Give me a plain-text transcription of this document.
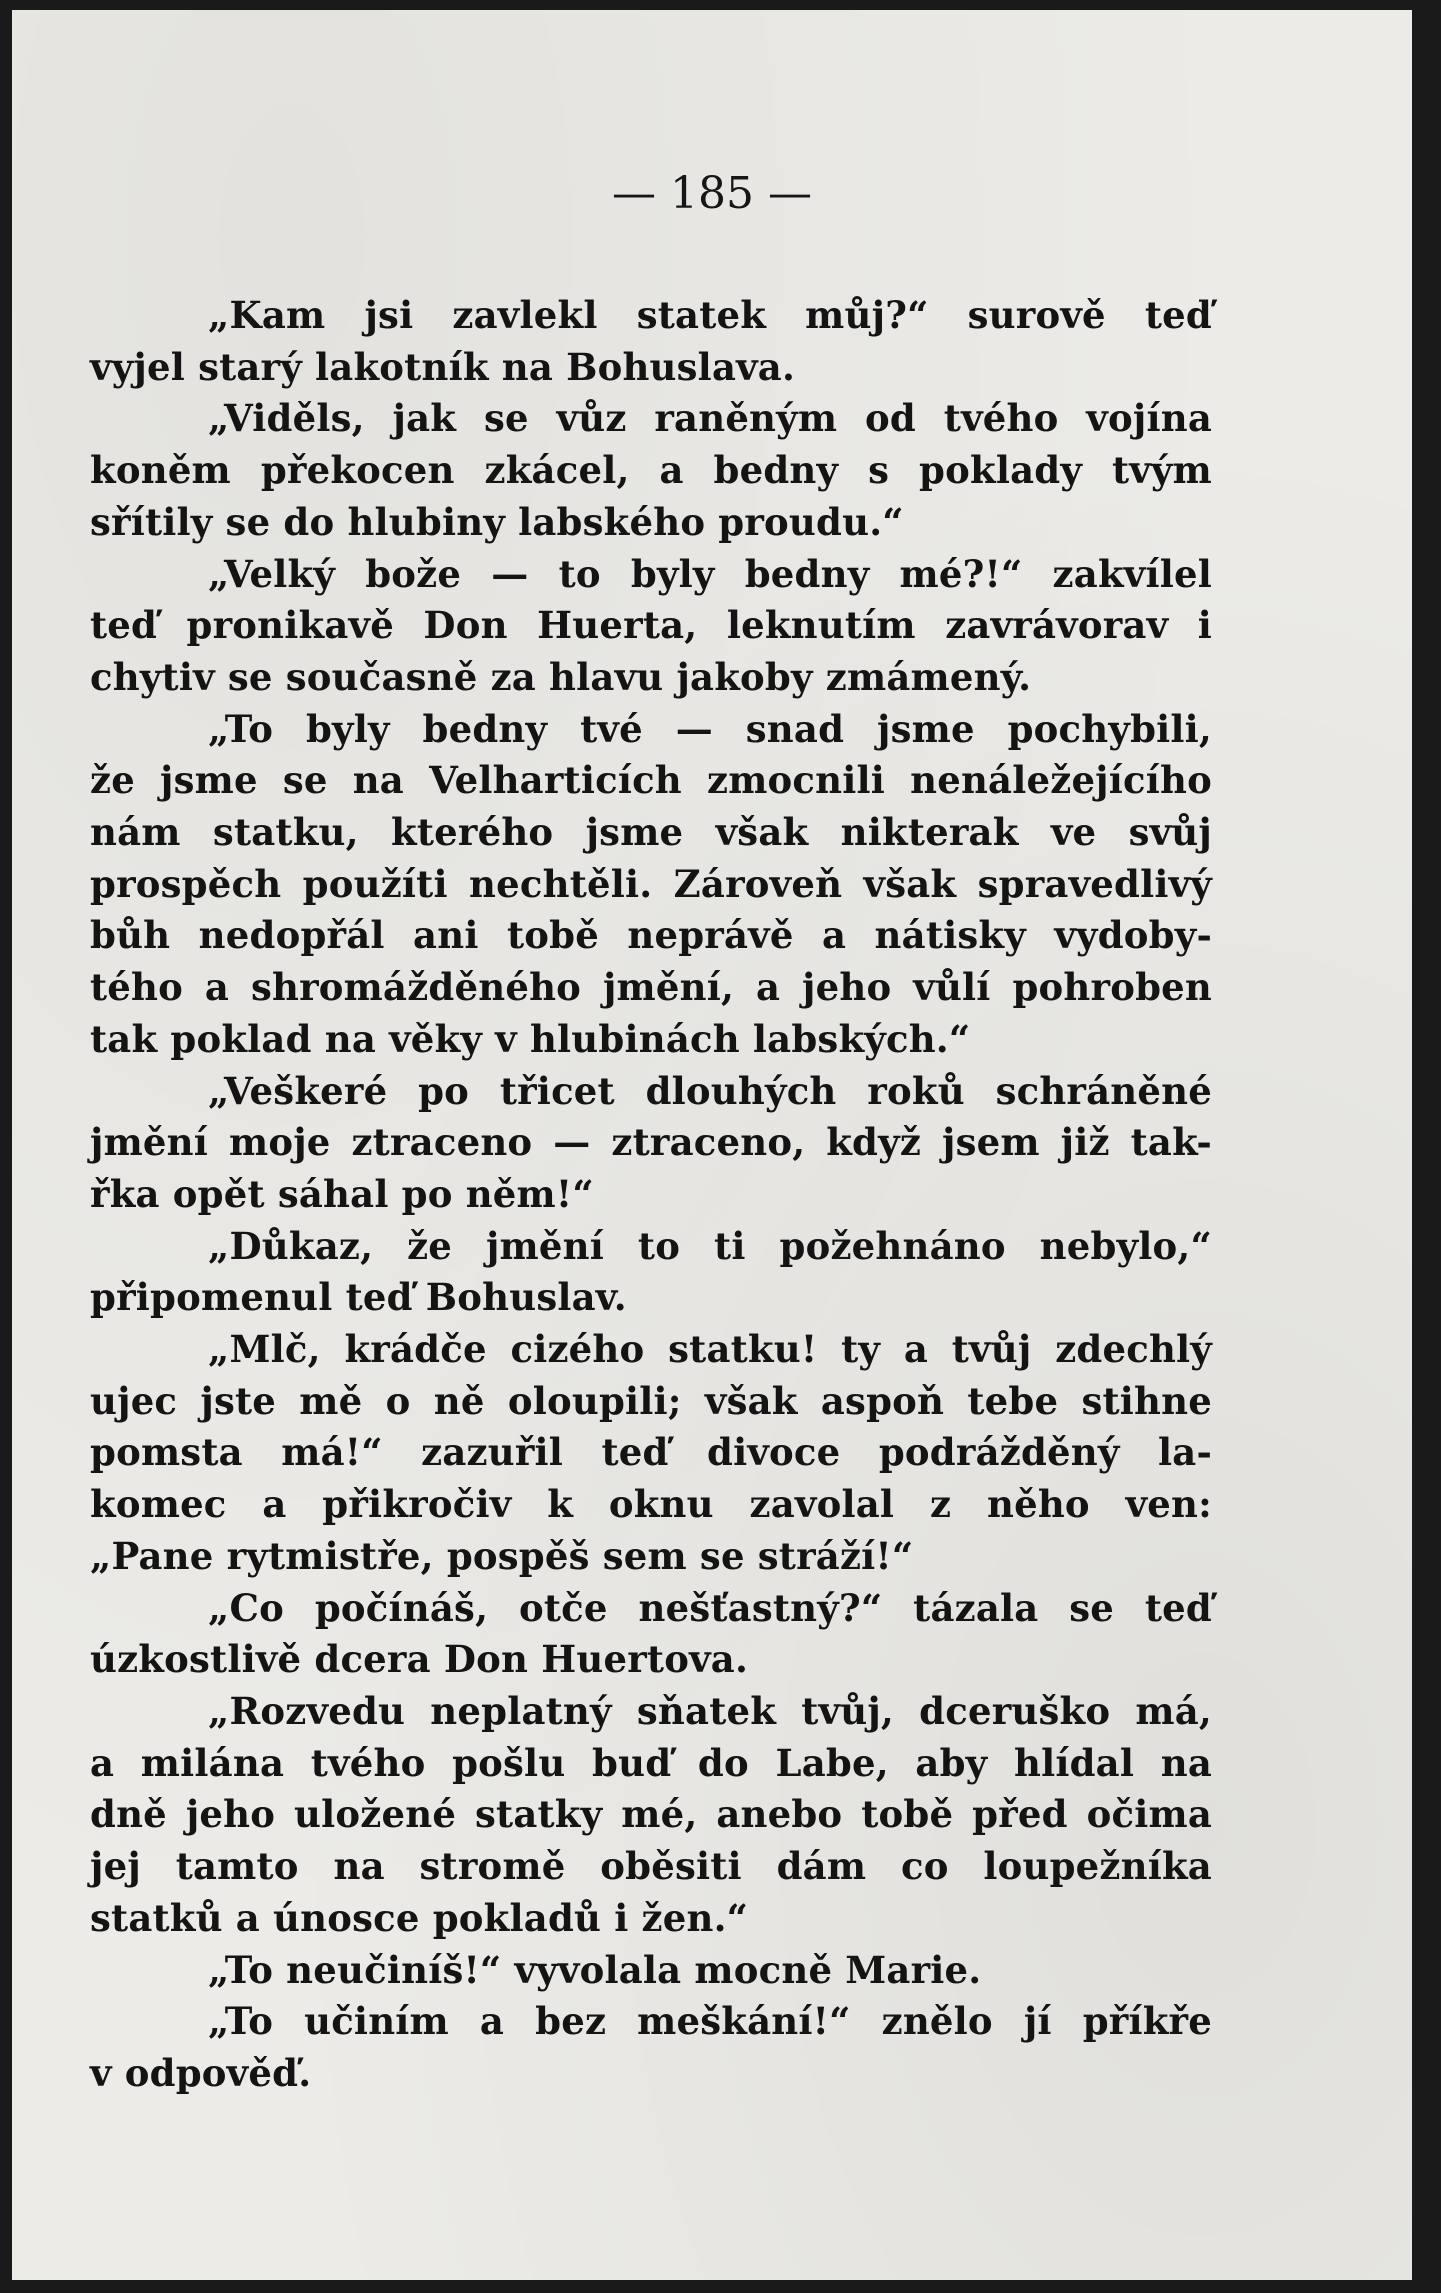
— 185 —
„Kam jsi zavlekl statek můj?“ surově teď
vyjel starý lakotník na Bohuslava.
„Viděls, jak se vůz raněným od tvého vojína
koněm překocen zkácel, a bedny s poklady tvým
sřítily se do hlubiny labského proudu.“
„Velký bože — to byly bedny mé?!“ zakvílel
teď pronikavě Don Huerta, leknutím zavrávorav i
chytiv se současně za hlavu jakoby zmámený.
„To byly bedny tvé — snad jsme pochybili,
že jsme se na Velharticích zmocnili nenáležejícího
nám statku, kterého jsme však nikterak ve svůj
prospěch použíti nechtěli. Zároveň však spravedlivý
bůh nedopřál ani tobě neprávě a nátisky vydoby-
tého a shromážděného jmění, a jeho vůlí pohroben
tak poklad na věky v hlubinách labských.“
„Veškeré po třicet dlouhých roků schráněné
jmění moje ztraceno — ztraceno, když jsem již tak-
řka opět sáhal po něm!“
„Důkaz, že jmění to ti požehnáno nebylo,“
připomenul teď Bohuslav.
„Mlč, krádče cizého statku! ty a tvůj zdechlý
ujec jste mě o ně oloupili; však aspoň tebe stihne
pomsta má!“ zazuřil teď divoce podrážděný la-
komec a přikročiv k oknu zavolal z něho ven:
„Pane rytmistře, pospěš sem se stráží!“
„Co počínáš, otče nešťastný?“ tázala se teď
úzkostlivě dcera Don Huertova.
„Rozvedu neplatný sňatek tvůj, dceruško má,
a milána tvého pošlu buď do Labe, aby hlídal na
dně jeho uložené statky mé, anebo tobě před očima
jej tamto na stromě oběsiti dám co loupežníka
statků a únosce pokladů i žen.“
„To neučiníš!“ vyvolala mocně Marie.
„To učiním a bez meškání!“ znělo jí příkře
v odpověď.
